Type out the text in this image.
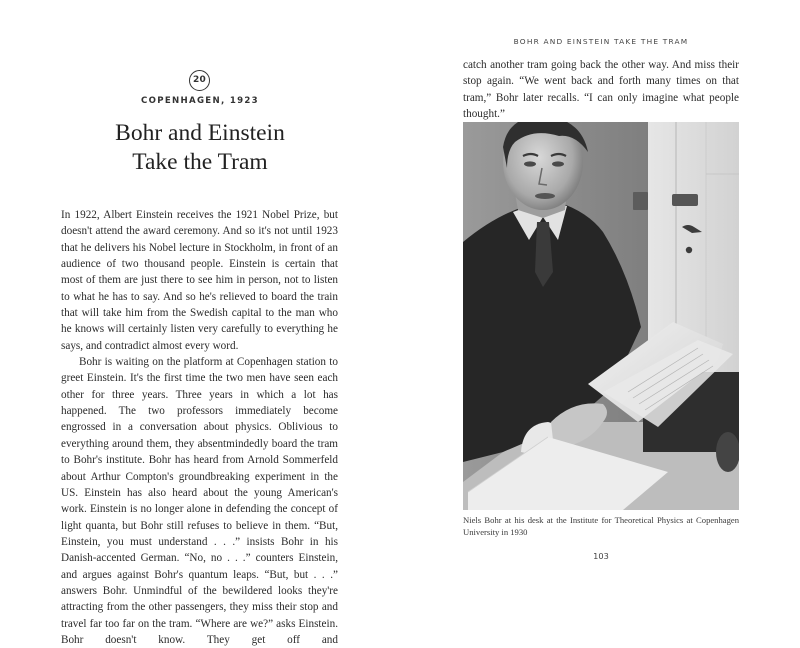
20
COPENHAGEN, 1923
Bohr and Einstein
Take the Tram

In 1922, Albert Einstein receives the 1921 Nobel Prize, but doesn't attend the award ceremony. And so it's not until 1923 that he delivers his Nobel lecture in Stockholm, in front of an audience of two thousand people. Einstein is certain that most of them are just there to see him in person, not to listen to what he has to say. And so he's relieved to board the train that will take him from the Swedish capital to the man who he knows will certainly listen very carefully to everything he says, and contradict almost every word.

Bohr is waiting on the platform at Copenhagen station to greet Einstein. It's the first time the two men have seen each other for three years. Three years in which a lot has happened. The two professors immediately become engrossed in a conversation about physics. Oblivious to everything around them, they absentmindedly board the tram to Bohr's institute. Bohr has heard from Arnold Sommerfeld about Arthur Compton's groundbreaking experiment in the US. Einstein has also heard about the young American's work. Einstein is no longer alone in defending the concept of light quanta, but Bohr still refuses to believe in them. “But, Einstein, you must understand . . .” insists Bohr in his Danish-accented German. “No, no . . .” counters Einstein, and argues against Bohr's quantum leaps. “But, but . . .” answers Bohr. Unmindful of the bewildered looks they're attracting from the other passengers, they miss their stop and travel far too far on the tram. “Where are we?” asks Einstein. Bohr doesn't know. They get off and

BOHR AND EINSTEIN TAKE THE TRAM

catch another tram going back the other way. And miss their stop again. “We went back and forth many times on that tram,” Bohr later recalls. “I can only imagine what people thought.”

Niels Bohr at his desk at the Institute for Theoretical Physics at Copenhagen University in 1930
103
